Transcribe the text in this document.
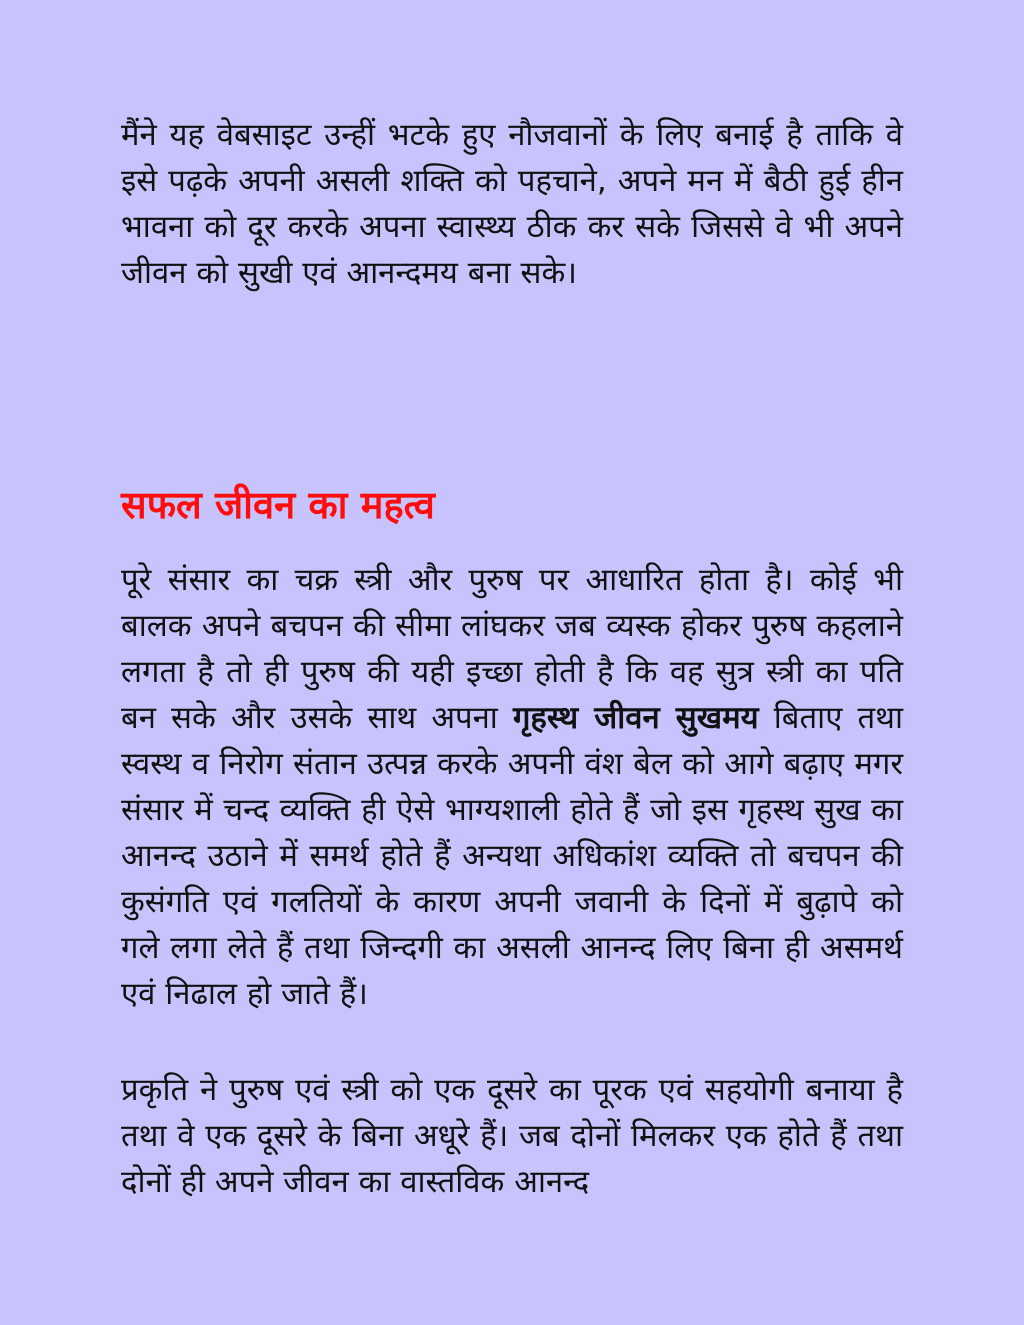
मैंने यह वेबसाइट उन्हीं भटके हुए नौजवानों के लिए बनाई है ताकि वे इसे पढ़के अपनी असली शक्ति को पहचाने, अपने मन में बैठी हुई हीन भावना को दूर करके अपना स्वास्थ्य ठीक कर सके जिससे वे भी अपने जीवन को सुखी एवं आनन्दमय बना सके।

सफल जीवन का महत्व

पूरे संसार का चक्र स्त्री और पुरुष पर आधारित होता है। कोई भी बालक अपने बचपन की सीमा लांघकर जब व्यस्क होकर पुरुष कहलाने लगता है तो ही पुरुष की यही इच्छा होती है कि वह सुत्र स्त्री का पति बन सके और उसके साथ अपना गृहस्थ जीवन सुखमय बिताए तथा स्वस्थ व निरोग संतान उत्पन्न करके अपनी वंश बेल को आगे बढ़ाए मगर संसार में चन्द व्यक्ति ही ऐसे भाग्यशाली होते हैं जो इस गृहस्थ सुख का आनन्द उठाने में समर्थ होते हैं अन्यथा अधिकांश व्यक्ति तो बचपन की कुसंगति एवं गलतियों के कारण अपनी जवानी के दिनों में बुढ़ापे को गले लगा लेते हैं तथा जिन्दगी का असली आनन्द लिए बिना ही असमर्थ एवं निढाल हो जाते हैं।

प्रकृति ने पुरुष एवं स्त्री को एक दूसरे का पूरक एवं सहयोगी बनाया है तथा वे एक दूसरे के बिना अधूरे हैं। जब दोनों मिलकर एक होते हैं तथा दोनों ही अपने जीवन का वास्तविक आनन्द
